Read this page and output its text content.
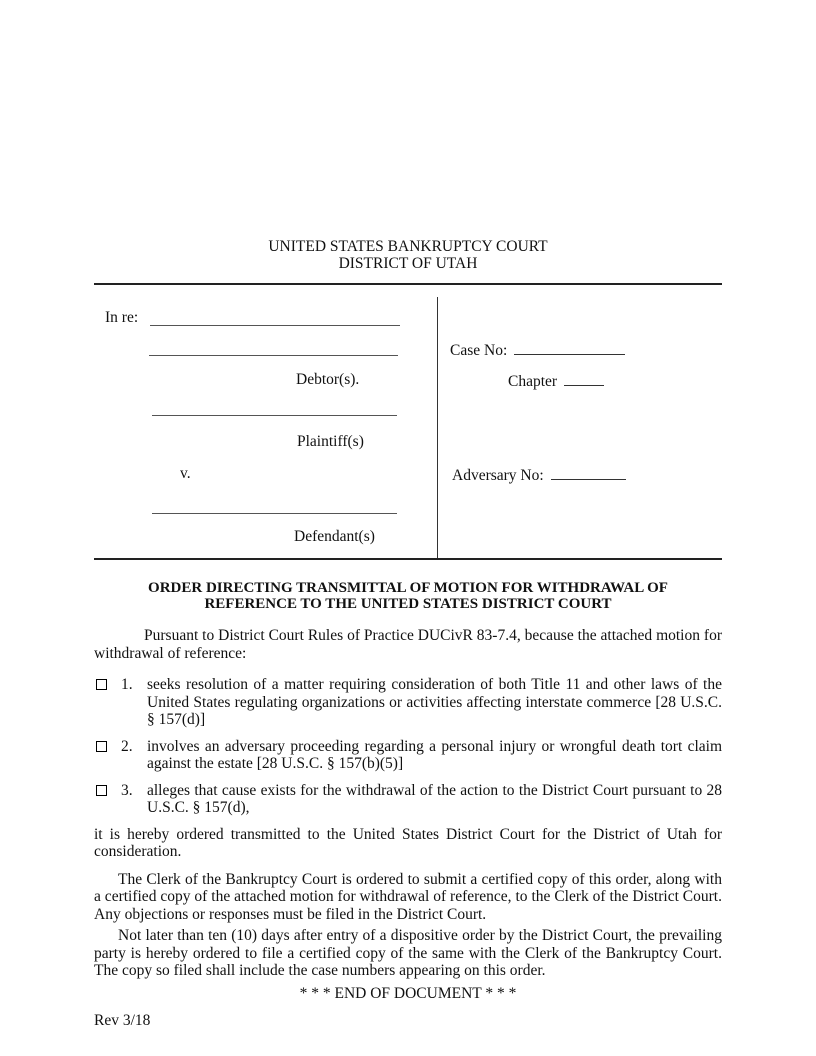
UNITED STATES BANKRUPTCY COURT
DISTRICT OF UTAH
In re:
Debtor(s).
Plaintiff(s)
v.
Defendant(s)
Case No:
Chapter
Adversary No:
ORDER DIRECTING TRANSMITTAL OF MOTION FOR WITHDRAWAL OF
REFERENCE TO THE UNITED STATES DISTRICT COURT

Pursuant to District Court Rules of Practice DUCivR 83-7.4, because the attached motion for withdrawal of reference:

1. seeks resolution of a matter requiring consideration of both Title 11 and other laws of the United States regulating organizations or activities affecting interstate commerce [28 U.S.C. § 157(d)]
2. involves an adversary proceeding regarding a personal injury or wrongful death tort claim against the estate [28 U.S.C. § 157(b)(5)]
3. alleges that cause exists for the withdrawal of the action to the District Court pursuant to 28 U.S.C. § 157(d),

it is hereby ordered transmitted to the United States District Court for the District of Utah for consideration.

The Clerk of the Bankruptcy Court is ordered to submit a certified copy of this order, along with a certified copy of the attached motion for withdrawal of reference, to the Clerk of the District Court. Any objections or responses must be filed in the District Court.

Not later than ten (10) days after entry of a dispositive order by the District Court, the prevailing party is hereby ordered to file a certified copy of the same with the Clerk of the Bankruptcy Court. The copy so filed shall include the case numbers appearing on this order.

* * * END OF DOCUMENT * * *
Rev 3/18
